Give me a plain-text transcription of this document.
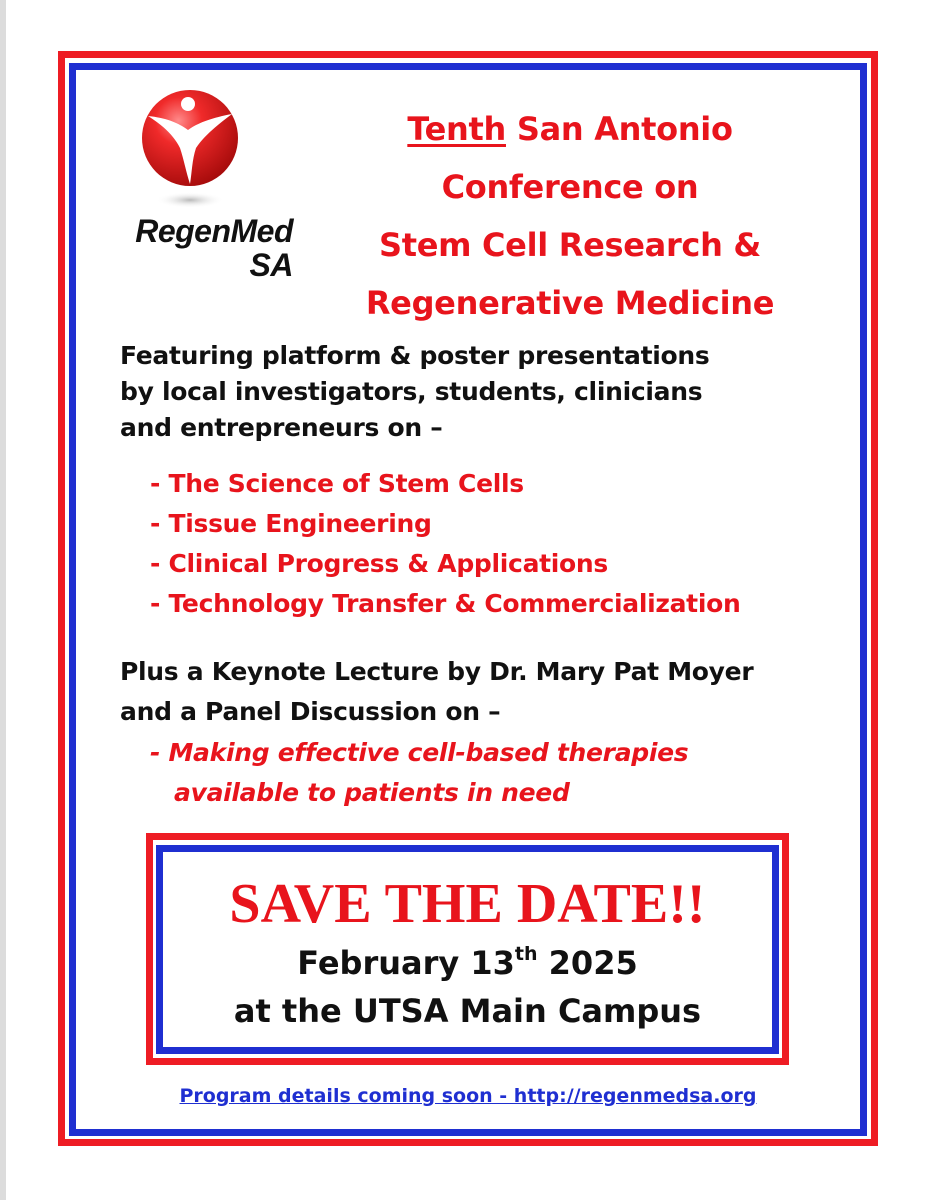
RegenMed
SA
Tenth San Antonio
Conference on
Stem Cell Research &
Regenerative Medicine
Featuring platform & poster presentations
by local investigators, students, clinicians
and entrepreneurs on –
- The Science of Stem Cells
- Tissue Engineering
- Clinical Progress & Applications
- Technology Transfer & Commercialization
Plus a Keynote Lecture by Dr. Mary Pat Moyer
and a Panel Discussion on –
- Making effective cell-based therapies
available to patients in need
SAVE THE DATE!!
February 13th 2025
at the UTSA Main Campus
Program details coming soon - http://regenmedsa.org
